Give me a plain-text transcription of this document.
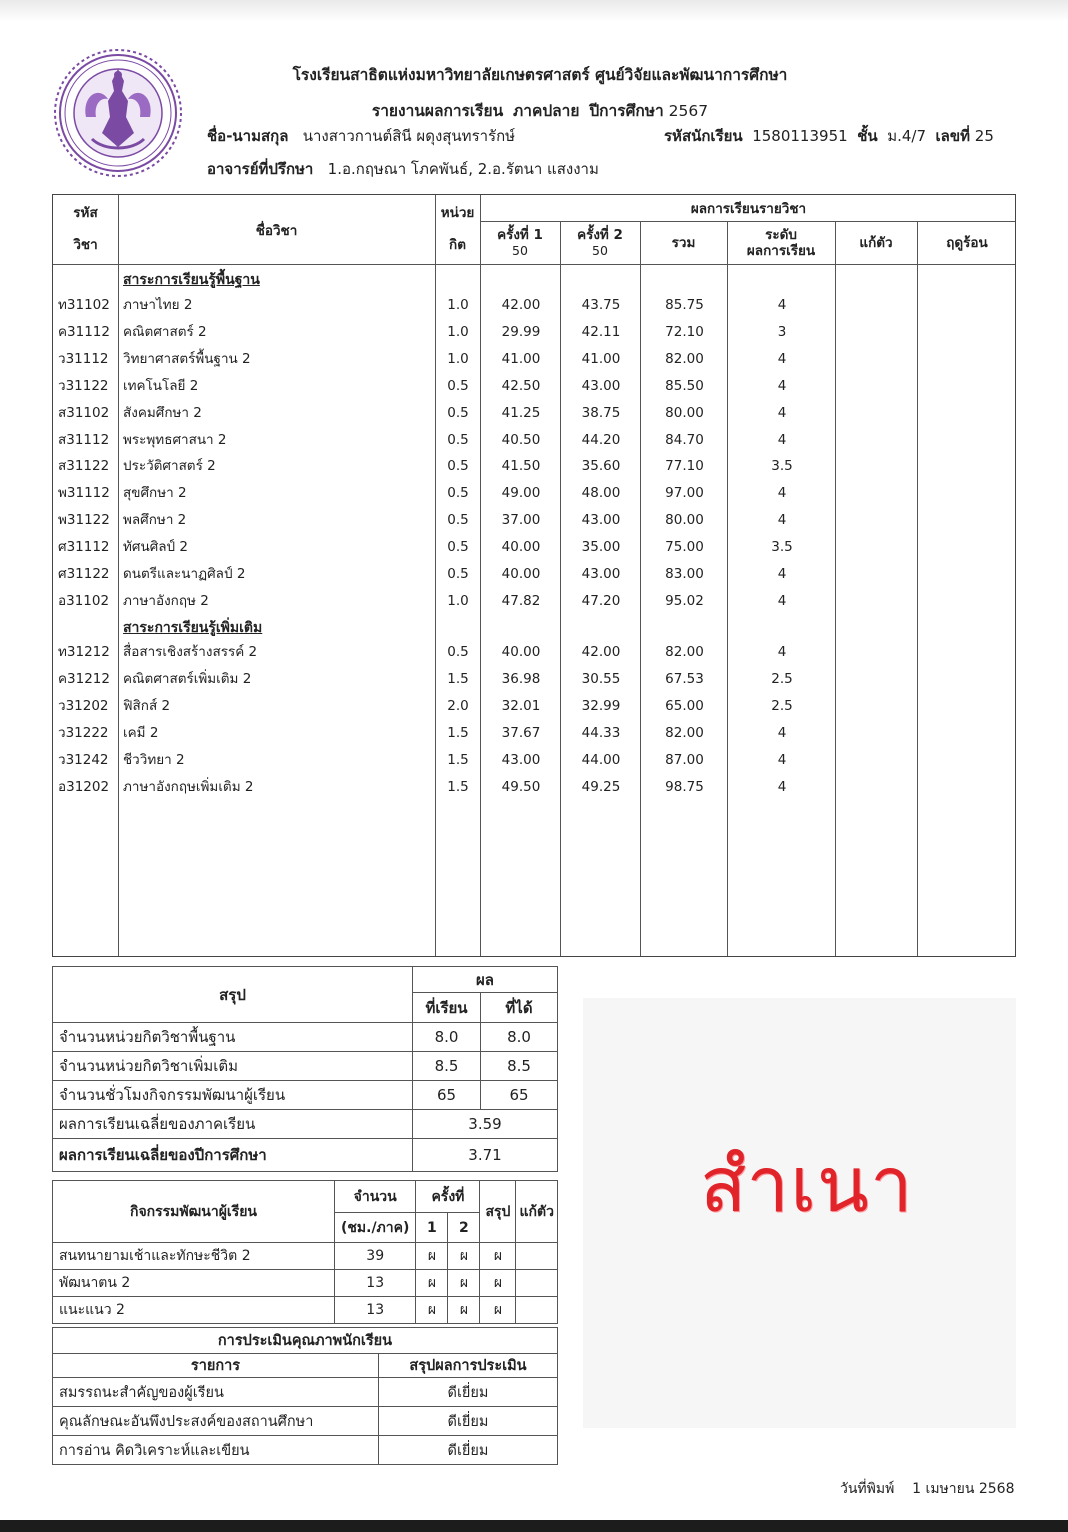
โรงเรียนสาธิตแห่งมหาวิทยาลัยเกษตรศาสตร์ ศูนย์วิจัยและพัฒนาการศึกษา
รายงานผลการเรียน ภาคปลาย ปีการศึกษา 2567
ชื่อ-นามสกุล นางสาวกานต์สินี ผดุงสุนทรารักษ์	รหัสนักเรียน 1580113951 ชั้น ม.4/7 เลขที่ 25
อาจารย์ที่ปรึกษา 1.อ.กฤษณา โภคพันธ์, 2.อ.รัตนา แสงงาม
รหัส

วิชา
ชื่อวิชา
หน่วย

กิต
ผลการเรียนรายวิชา
ครั้งที่ 1
50
ครั้งที่ 2
50	รวม	ระดับ
ผลการเรียน
แก้ตัว	ฤดูร้อน
สาระการเรียนรู้พื้นฐาน
ท31102 ภาษาไทย 2	1.0	42.00	43.75	85.75	4
ค31112 คณิตศาสตร์ 2	1.0	29.99	42.11	72.10	3
ว31112 วิทยาศาสตร์พื้นฐาน 2	1.0	41.00	41.00	82.00	4
ว31122 เทคโนโลยี 2	0.5	42.50	43.00	85.50	4
ส31102 สังคมศึกษา 2	0.5	41.25	38.75	80.00	4
ส31112 พระพุทธศาสนา 2	0.5	40.50	44.20	84.70	4
ส31122 ประวัติศาสตร์ 2	0.5	41.50	35.60	77.10	3.5
พ31112 สุขศึกษา 2	0.5	49.00	48.00	97.00	4
พ31122 พลศึกษา 2	0.5	37.00	43.00	80.00	4
ศ31112 ทัศนศิลป์ 2	0.5	40.00	35.00	75.00	3.5
ศ31122 ดนตรีและนาฏศิลป์ 2	0.5	40.00	43.00	83.00	4
อ31102 ภาษาอังกฤษ 2	1.0	47.82	47.20	95.02	4
สาระการเรียนรู้เพิ่มเติม
ท31212 สื่อสารเชิงสร้างสรรค์ 2	0.5	40.00	42.00	82.00	4
ค31212 คณิตศาสตร์เพิ่มเติม 2	1.5	36.98	30.55	67.53	2.5
ว31202 ฟิสิกส์ 2	2.0	32.01	32.99	65.00	2.5
ว31222 เคมี 2	1.5	37.67	44.33	82.00	4
ว31242 ชีววิทยา 2	1.5	43.00	44.00	87.00	4
อ31202 ภาษาอังกฤษเพิ่มเติม 2	1.5	49.50	49.25	98.75	4
สรุป	ผล	
	ที่เรียน	ที่ได้
จำนวนหน่วยกิตวิชาพื้นฐาน	8.0	8.0
จำนวนหน่วยกิตวิชาเพิ่มเติม	8.5	8.5
จำนวนชั่วโมงกิจกรรมพัฒนาผู้เรียน	65	65
ผลการเรียนเฉลี่ยของภาคเรียน	3.59	
ผลการเรียนเฉลี่ยของปีการศึกษา	3.71	
กิจกรรมพัฒนาผู้เรียน	จำนวน	ครั้งที่		สรุป	แก้ตัว
	(ชม./ภาค)	1	2		
สนทนายามเช้าและทักษะชีวิต 2	39	ผ	ผ	ผ	
พัฒนาตน 2	13	ผ	ผ	ผ	
แนะแนว 2	13	ผ	ผ	ผ	
การประเมินคุณภาพนักเรียน	
รายการ	สรุปผลการประเมิน
สมรรถนะสำคัญของผู้เรียน	ดีเยี่ยม
คุณลักษณะอันพึงประสงค์ของสถานศึกษา	ดีเยี่ยม
การอ่าน คิดวิเคราะห์และเขียน	ดีเยี่ยม
สำเนา
วันที่พิมพ์ 1 เมษายน 2568
